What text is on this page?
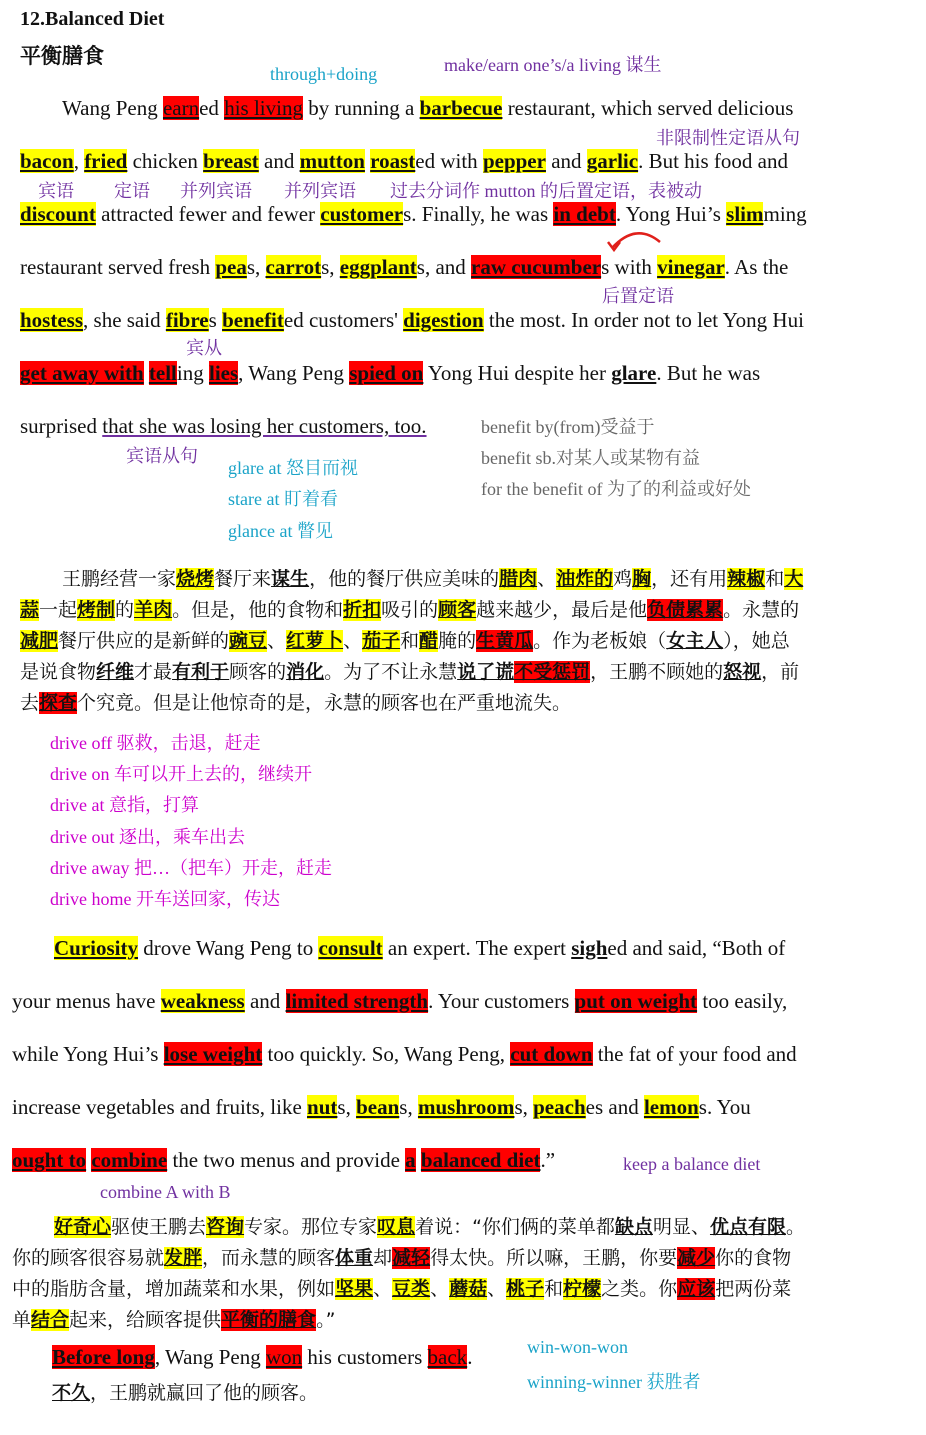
12.Balanced Diet
平衡膳食
through+doing	make/earn one’s/a living 谋生
Wang Peng earned his living by running a barbecue restaurant, which served delicious
非限制性定语从句
bacon, fried chicken breast and mutton roasted with pepper and garlic. But his food and
宾语 定语 并列宾语 并列宾语 过去分词作 mutton 的后置定语，表被动
discount attracted fewer and fewer customers. Finally, he was in debt. Yong Hui’s slimming
restaurant served fresh peas, carrots, eggplants, and raw cucumbers with vinegar. As the
后置定语
hostess, she said fibres benefited customers' digestion the most. In order not to let Yong Hui
宾从
get away with telling lies, Wang Peng spied on Yong Hui despite her glare. But he was
surprised that she was losing her customers, too.
宾语从句
benefit by(from)受益于
benefit sb.对某人或某物有益
for the benefit of 为了的利益或好处
glare at 怒目而视
stare at 盯着看
glance at 瞥见
王鹏经营一家烧烤餐厅来谋生，他的餐厅供应美味的腊肉、油炸的鸡胸，还有用辣椒和大
蒜一起烤制的羊肉。但是，他的食物和折扣吸引的顾客越来越少，最后是他负债累累。永慧的
减肥餐厅供应的是新鲜的豌豆、红萝卜、茄子和醋腌的生黄瓜。作为老板娘（女主人），她总
是说食物纤维才最有利于顾客的消化。为了不让永慧说了谎不受惩罚，王鹏不顾她的怒视，前
去探查个究竟。但是让他惊奇的是，永慧的顾客也在严重地流失。
drive off 驱救，击退，赶走
drive on 车可以开上去的，继续开
drive at 意指，打算
drive out 逐出，乘车出去
drive away 把…（把车）开走，赶走
drive home 开车送回家，传达
Curiosity drove Wang Peng to consult an expert. The expert sighed and said, “Both of
your menus have weakness and limited strength. Your customers put on weight too easily,
while Yong Hui’s lose weight too quickly. So, Wang Peng, cut down the fat of your food and
increase vegetables and fruits, like nuts, beans, mushrooms, peaches and lemons. You
ought to combine the two menus and provide a balanced diet.”	keep a balance diet
combine A with B
好奇心驱使王鹏去咨询专家。那位专家叹息着说：“你们俩的菜单都缺点明显、优点有限。
你的顾客很容易就发胖，而永慧的顾客体重却减轻得太快。所以嘛，王鹏，你要减少你的食物
中的脂肪含量，增加蔬菜和水果，例如坚果、豆类、蘑菇、桃子和柠檬之类。你应该把两份菜
单结合起来，给顾客提供平衡的膳食。”
Before long, Wang Peng won his customers back.
不久，王鹏就赢回了他的顾客。
win-won-won
winning-winner 获胜者
